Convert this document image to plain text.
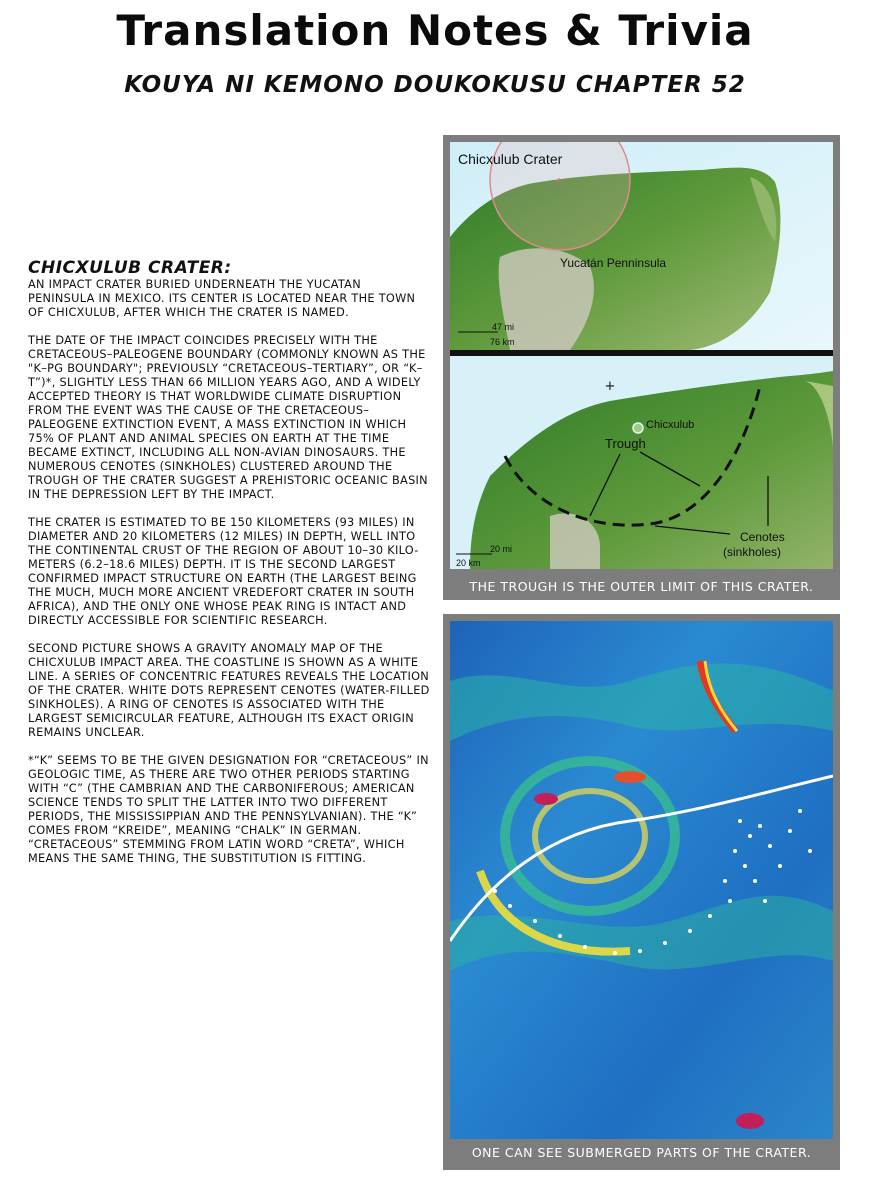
Translation Notes & Trivia
KOUYA NI KEMONO DOUKOKUSU CHAPTER 52
CHICXULUB CRATER:

AN IMPACT CRATER BURIED UNDERNEATH THE YUCATAN PENINSULA IN MEXICO. ITS CENTER IS LOCATED NEAR THE TOWN OF CHICXULUB, AFTER WHICH THE CRATER IS NAMED.

THE DATE OF THE IMPACT COINCIDES PRECISELY WITH THE CRETACEOUS–PALEOGENE BOUNDARY (COMMONLY KNOWN AS THE "K–PG BOUNDARY"; PREVIOUSLY “CRETACEOUS–TERTIARY”, OR “K–T”)*, SLIGHTLY LESS THAN 66 MILLION YEARS AGO, AND A WIDELY ACCEPTED THEORY IS THAT WORLDWIDE CLIMATE DISRUPTION FROM THE EVENT WAS THE CAUSE OF THE CRETACEOUS–PALEOGENE EXTINCTION EVENT, A MASS EXTINCTION IN WHICH 75% OF PLANT AND ANIMAL SPECIES ON EARTH AT THE TIME BECAME EXTINCT, INCLUDING ALL NON-AVIAN DINOSAURS. THE NUMEROUS CENOTES (SINKHOLES) CLUSTERED AROUND THE TROUGH OF THE CRATER SUGGEST A PREHISTORIC OCEANIC BASIN IN THE DEPRESSION LEFT BY THE IMPACT.

THE CRATER IS ESTIMATED TO BE 150 KILOMETERS (93 MILES) IN DIAMETER AND 20 KILOMETERS (12 MILES) IN DEPTH, WELL INTO THE CONTINENTAL CRUST OF THE REGION OF ABOUT 10–30 KILO-METERS (6.2–18.6 MILES) DEPTH. IT IS THE SECOND LARGEST CONFIRMED IMPACT STRUCTURE ON EARTH (THE LARGEST BEING THE MUCH, MUCH MORE ANCIENT VREDEFORT CRATER IN SOUTH AFRICA), AND THE ONLY ONE WHOSE PEAK RING IS INTACT AND DIRECTLY ACCESSIBLE FOR SCIENTIFIC RESEARCH.

SECOND PICTURE SHOWS A GRAVITY ANOMALY MAP OF THE CHICXULUB IMPACT AREA. THE COASTLINE IS SHOWN AS A WHITE LINE. A SERIES OF CONCENTRIC FEATURES REVEALS THE LOCATION OF THE CRATER. WHITE DOTS REPRESENT CENOTES (WATER-FILLED SINKHOLES). A RING OF CENOTES IS ASSOCIATED WITH THE LARGEST SEMICIRCULAR FEATURE, ALTHOUGH ITS EXACT ORIGIN REMAINS UNCLEAR.

*“K” SEEMS TO BE THE GIVEN DESIGNATION FOR “CRETACEOUS” IN GEOLOGIC TIME, AS THERE ARE TWO OTHER PERIODS STARTING WITH “C” (THE CAMBRIAN AND THE CARBONIFEROUS; AMERICAN SCIENCE TENDS TO SPLIT THE LATTER INTO TWO DIFFERENT PERIODS, THE MISSISSIPPIAN AND THE PENNSYLVANIAN). THE “K” COMES FROM “KREIDE”, MEANING “CHALK” IN GERMAN. “CRETACEOUS” STEMMING FROM LATIN WORD “CRETA”, WHICH MEANS THE SAME THING, THE SUBSTITUTION IS FITTING.

+
Chicxulub Crater
Yucatán Penninsula
47 mi
76 km
+
Chicxulub
Trough
Cenotes
(sinkholes)
20 mi
20 km
THE TROUGH IS THE OUTER LIMIT OF THIS CRATER.
ONE CAN SEE SUBMERGED PARTS OF THE CRATER.
